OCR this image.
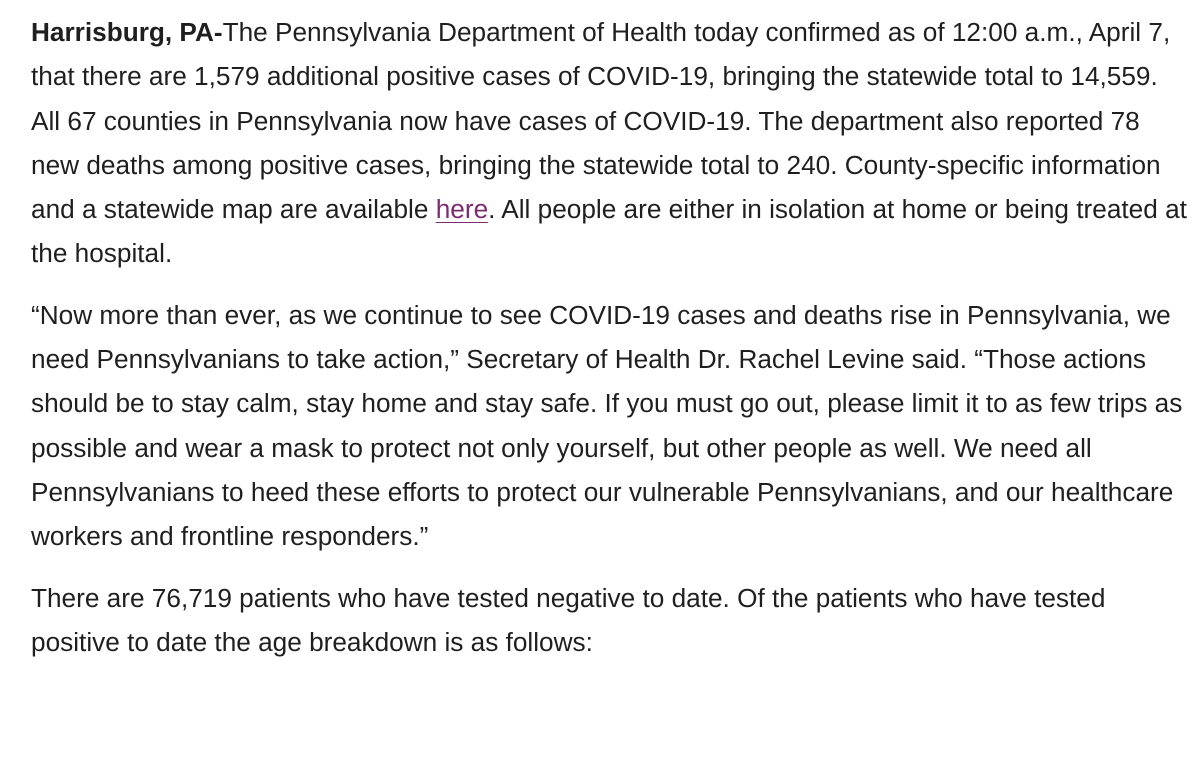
Harrisburg, PA-The Pennsylvania Department of Health today confirmed as of 12:00 a.m., April 7, that there are 1,579 additional positive cases of COVID-19, bringing the statewide total to 14,559. All 67 counties in Pennsylvania now have cases of COVID-19. The department also reported 78 new deaths among positive cases, bringing the statewide total to 240. County-specific information and a statewide map are available here. All people are either in isolation at home or being treated at the hospital.

“Now more than ever, as we continue to see COVID-19 cases and deaths rise in Pennsylvania, we need Pennsylvanians to take action,” Secretary of Health Dr. Rachel Levine said. “Those actions should be to stay calm, stay home and stay safe. If you must go out, please limit it to as few trips as possible and wear a mask to protect not only yourself, but other people as well. We need all Pennsylvanians to heed these efforts to protect our vulnerable Pennsylvanians, and our healthcare workers and frontline responders.”

There are 76,719 patients who have tested negative to date. Of the patients who have tested positive to date the age breakdown is as follows:
